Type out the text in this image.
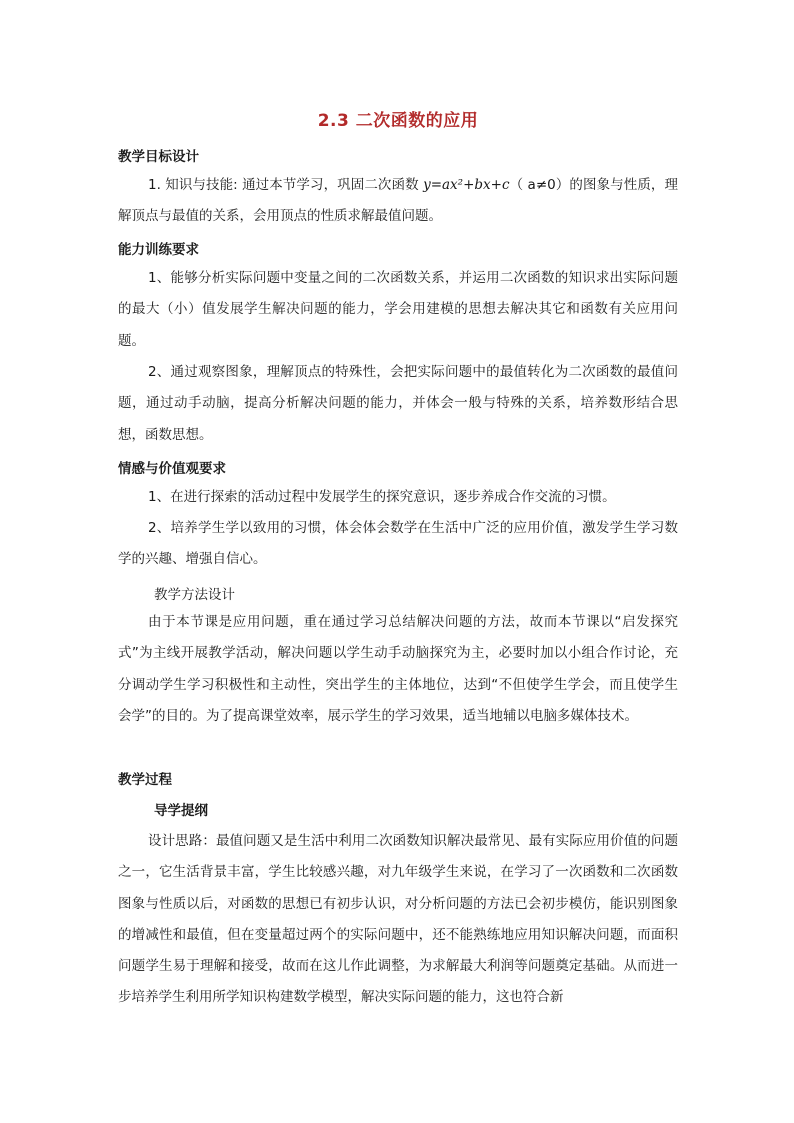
2.3 二次函数的应用
教学目标设计

1. 知识与技能: 通过本节学习，巩固二次函数 y=ax²+bx+c（ a≠0）的图象与性质，理解顶点与最值的关系，会用顶点的性质求解最值问题。

能力训练要求

1、能够分析实际问题中变量之间的二次函数关系，并运用二次函数的知识求出实际问题的最大（小）值发展学生解决问题的能力，学会用建模的思想去解决其它和函数有关应用问题。

2、通过观察图象，理解顶点的特殊性，会把实际问题中的最值转化为二次函数的最值问题，通过动手动脑，提高分析解决问题的能力，并体会一般与特殊的关系，培养数形结合思想，函数思想。

情感与价值观要求

1、在进行探索的活动过程中发展学生的探究意识，逐步养成合作交流的习惯。

2、培养学生学以致用的习惯，体会体会数学在生活中广泛的应用价值，激发学生学习数学的兴趣、增强自信心。

教学方法设计

由于本节课是应用问题，重在通过学习总结解决问题的方法，故而本节课以“启发探究式”为主线开展教学活动，解决问题以学生动手动脑探究为主，必要时加以小组合作讨论，充分调动学生学习积极性和主动性，突出学生的主体地位，达到“不但使学生学会，而且使学生会学”的目的。为了提高课堂效率，展示学生的学习效果，适当地辅以电脑多媒体技术。

教学过程
导学提纲

设计思路：最值问题又是生活中利用二次函数知识解决最常见、最有实际应用价值的问题之一，它生活背景丰富，学生比较感兴趣，对九年级学生来说，在学习了一次函数和二次函数图象与性质以后，对函数的思想已有初步认识，对分析问题的方法已会初步模仿，能识别图象的增减性和最值，但在变量超过两个的实际问题中，还不能熟练地应用知识解决问题，而面积问题学生易于理解和接受，故而在这儿作此调整，为求解最大利润等问题奠定基础。从而进一步培养学生利用所学知识构建数学模型，解决实际问题的能力，这也符合新
